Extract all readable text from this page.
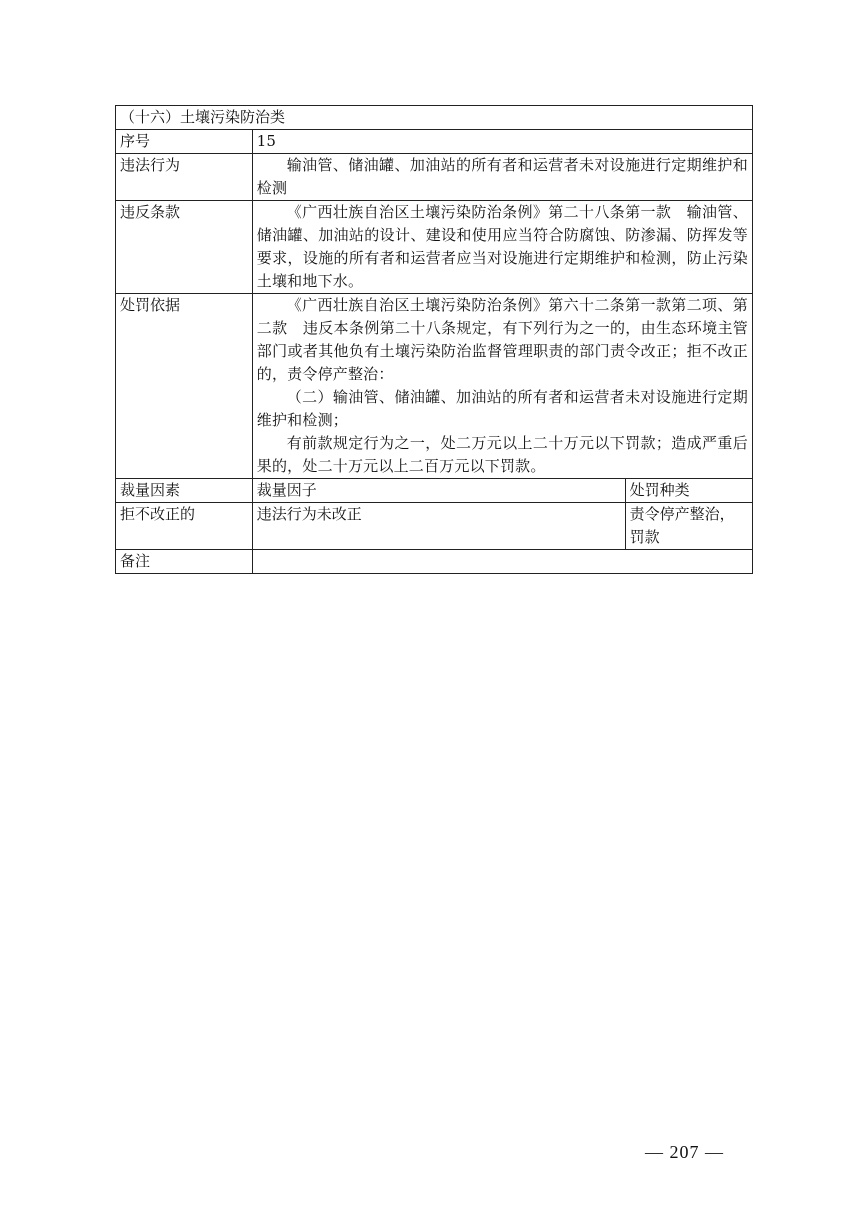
（十六）土壤污染防治类		
序号	15	
违法行为	输油管、储油罐、加油站的所有者和运营者未对设施进行定期维护和检测	

违反条款	《广西壮族自治区土壤污染防治条例》第二十八条第一款　输油管、储油罐、加油站的设计、建设和使用应当符合防腐蚀、防渗漏、防挥发等要求，设施的所有者和运营者应当对设施进行定期维护和检测，防止污染土壤和地下水。	

处罚依据	《广西壮族自治区土壤污染防治条例》第六十二条第一款第二项、第二款　违反本条例第二十八条规定，有下列行为之一的，由生态环境主管部门或者其他负有土壤污染防治监督管理职责的部门责令改正；拒不改正的，责令停产整治：
（二）输油管、储油罐、加油站的所有者和运营者未对设施进行定期维护和检测；
有前款规定行为之一，处二万元以上二十万元以下罚款；造成严重后果的，处二十万元以上二百万元以下罚款。	

裁量因素	裁量因子	处罚种类
拒不改正的	违法行为未改正	责令停产整治，罚款
备注		
— 207 —
